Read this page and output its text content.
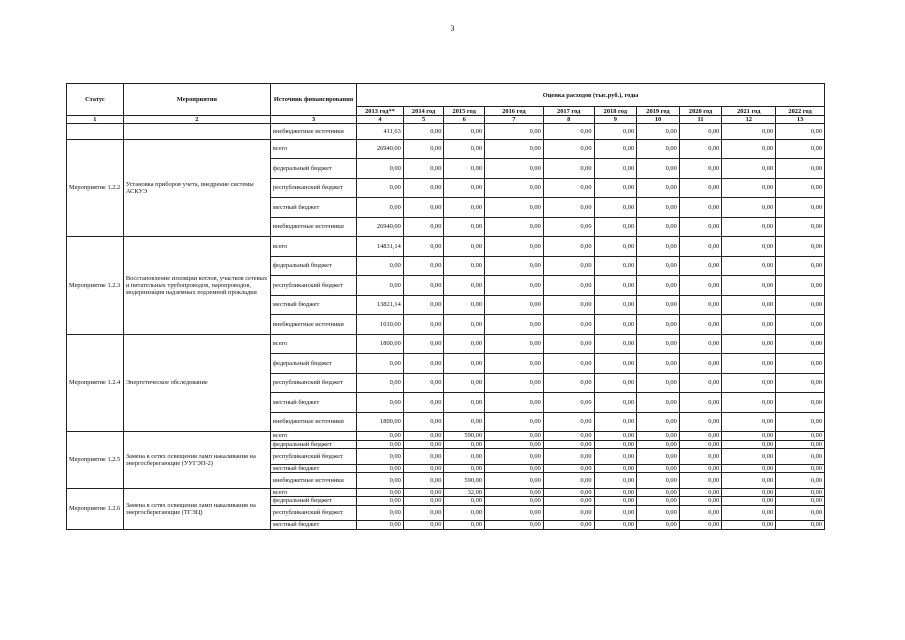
3
Статус	Мероприятия	Источник финансирования	Оценка расходов (тыс.руб.), годы									
			2013 год**	2014 год	2015 год	2016 год	2017 год	2018 год	2019 год	2020 год	2021 год	2022 год
1	2	3	4	5	6	7	8	9	10	11	12	13
		внебюджетные источники	411,63	0,00	0,00	0,00	0,00	0,00	0,00	0,00	0,00	0,00
Мероприятие 1.2.2	Установка приборов учета, внедрение системы АСКУЭ	всего	26940,00	0,00	0,00	0,00	0,00	0,00	0,00	0,00	0,00	0,00
		федеральный бюджет	0,00	0,00	0,00	0,00	0,00	0,00	0,00	0,00	0,00	0,00
		республиканский бюджет	0,00	0,00	0,00	0,00	0,00	0,00	0,00	0,00	0,00	0,00
		местный бюджет	0,00	0,00	0,00	0,00	0,00	0,00	0,00	0,00	0,00	0,00
		внебюджетные источники	26940,00	0,00	0,00	0,00	0,00	0,00	0,00	0,00	0,00	0,00
Мероприятие 1.2.3	Восстановление изоляции котлов, участков сетевых и питательных трубопроводов, паропроводов, модернизация надземных подземной прокладки	всего	14831,14	0,00	0,00	0,00	0,00	0,00	0,00	0,00	0,00	0,00
		федеральный бюджет	0,00	0,00	0,00	0,00	0,00	0,00	0,00	0,00	0,00	0,00
		республиканский бюджет	0,00	0,00	0,00	0,00	0,00	0,00	0,00	0,00	0,00	0,00
		местный бюджет	13821,14	0,00	0,00	0,00	0,00	0,00	0,00	0,00	0,00	0,00
		внебюджетные источники	1010,00	0,00	0,00	0,00	0,00	0,00	0,00	0,00	0,00	0,00
Мероприятие 1.2.4	Энергетическое обследование	всего	1800,00	0,00	0,00	0,00	0,00	0,00	0,00	0,00	0,00	0,00
		федеральный бюджет	0,00	0,00	0,00	0,00	0,00	0,00	0,00	0,00	0,00	0,00
		республиканский бюджет	0,00	0,00	0,00	0,00	0,00	0,00	0,00	0,00	0,00	0,00
		местный бюджет	0,00	0,00	0,00	0,00	0,00	0,00	0,00	0,00	0,00	0,00
		внебюджетные источники	1800,00	0,00	0,00	0,00	0,00	0,00	0,00	0,00	0,00	0,00
Мероприятие 1.2.5	Замена в сетях освещения ламп накаливания на энергосберегающие (УУГЭП-2)	всего	0,00	0,00	590,00	0,00	0,00	0,00	0,00	0,00	0,00	0,00
		федеральный бюджет	0,00	0,00	0,00	0,00	0,00	0,00	0,00	0,00	0,00	0,00
		республиканский бюджет	0,00	0,00	0,00	0,00	0,00	0,00	0,00	0,00	0,00	0,00
		местный бюджет	0,00	0,00	0,00	0,00	0,00	0,00	0,00	0,00	0,00	0,00
		внебюджетные источники	0,00	0,00	590,00	0,00	0,00	0,00	0,00	0,00	0,00	0,00
Мероприятие 1.2.6	Замена в сетях освещения ламп накаливания на энергосберегающие (ТГЭЦ)	всего	0,00	0,00	32,00	0,00	0,00	0,00	0,00	0,00	0,00	0,00
		федеральный бюджет	0,00	0,00	0,00	0,00	0,00	0,00	0,00	0,00	0,00	0,00
		республиканский бюджет	0,00	0,00	0,00	0,00	0,00	0,00	0,00	0,00	0,00	0,00
		местный бюджет	0,00	0,00	0,00	0,00	0,00	0,00	0,00	0,00	0,00	0,00
